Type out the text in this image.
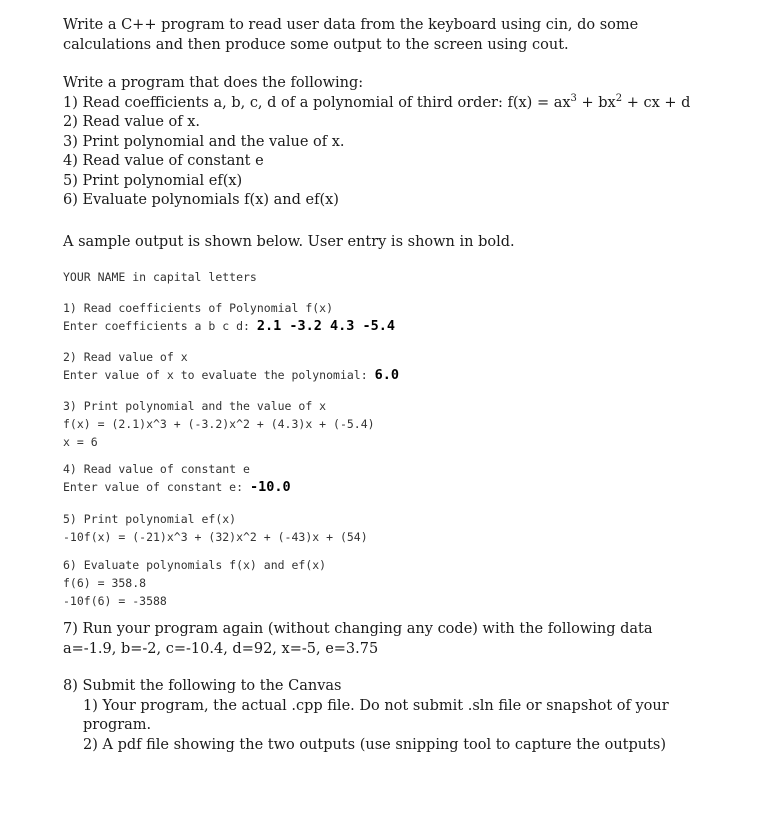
Write a C++ program to read user data from the keyboard using cin, do some

calculations and then produce some output to the screen using cout.

Write a program that does the following:

1) Read coefficients a, b, c, d of a polynomial of third order: $f(x) = ax^3 + bx^2$ + cx + d

2) Read value of x.

3) Print polynomial and the value of x.

4) Read value of constant e

5) Print polynomial ef(x)

6) Evaluate polynomials f(x) and ef(x)

A sample output is shown below. User entry is shown in bold.
YOUR NAME in capital letters

1) Read coefficients of Polynomial f(x)

Enter coefficients a b c d: 2.1 -3.2 4.3 -5.4

2) Read value of x

Enter value of x to evaluate the polynomial: 6.0

3) Print polynomial and the value of x

f(x) = (2.1)x^3 + (-3.2)x^2 + (4.3)x + (-5.4)

x = 6

4) Read value of constant e

Enter value of constant e: -10.0

5) Print polynomial ef(x)

-10f(x) = (-21)x^3 + (32)x^2 + (-43)x + (54)

6) Evaluate polynomials f(x) and ef(x)

f(6) = 358.8

-10f(6) = -3588

7) Run your program again (without changing any code) with the following data

a=-1.9, b=-2, c=-10.4, d=92, x=-5, e=3.75

8) Submit the following to the Canvas

1) Your program, the actual .cpp file. Do not submit .sln file or snapshot of your

program.

2) A pdf file showing the two outputs (use snipping tool to capture the outputs)
